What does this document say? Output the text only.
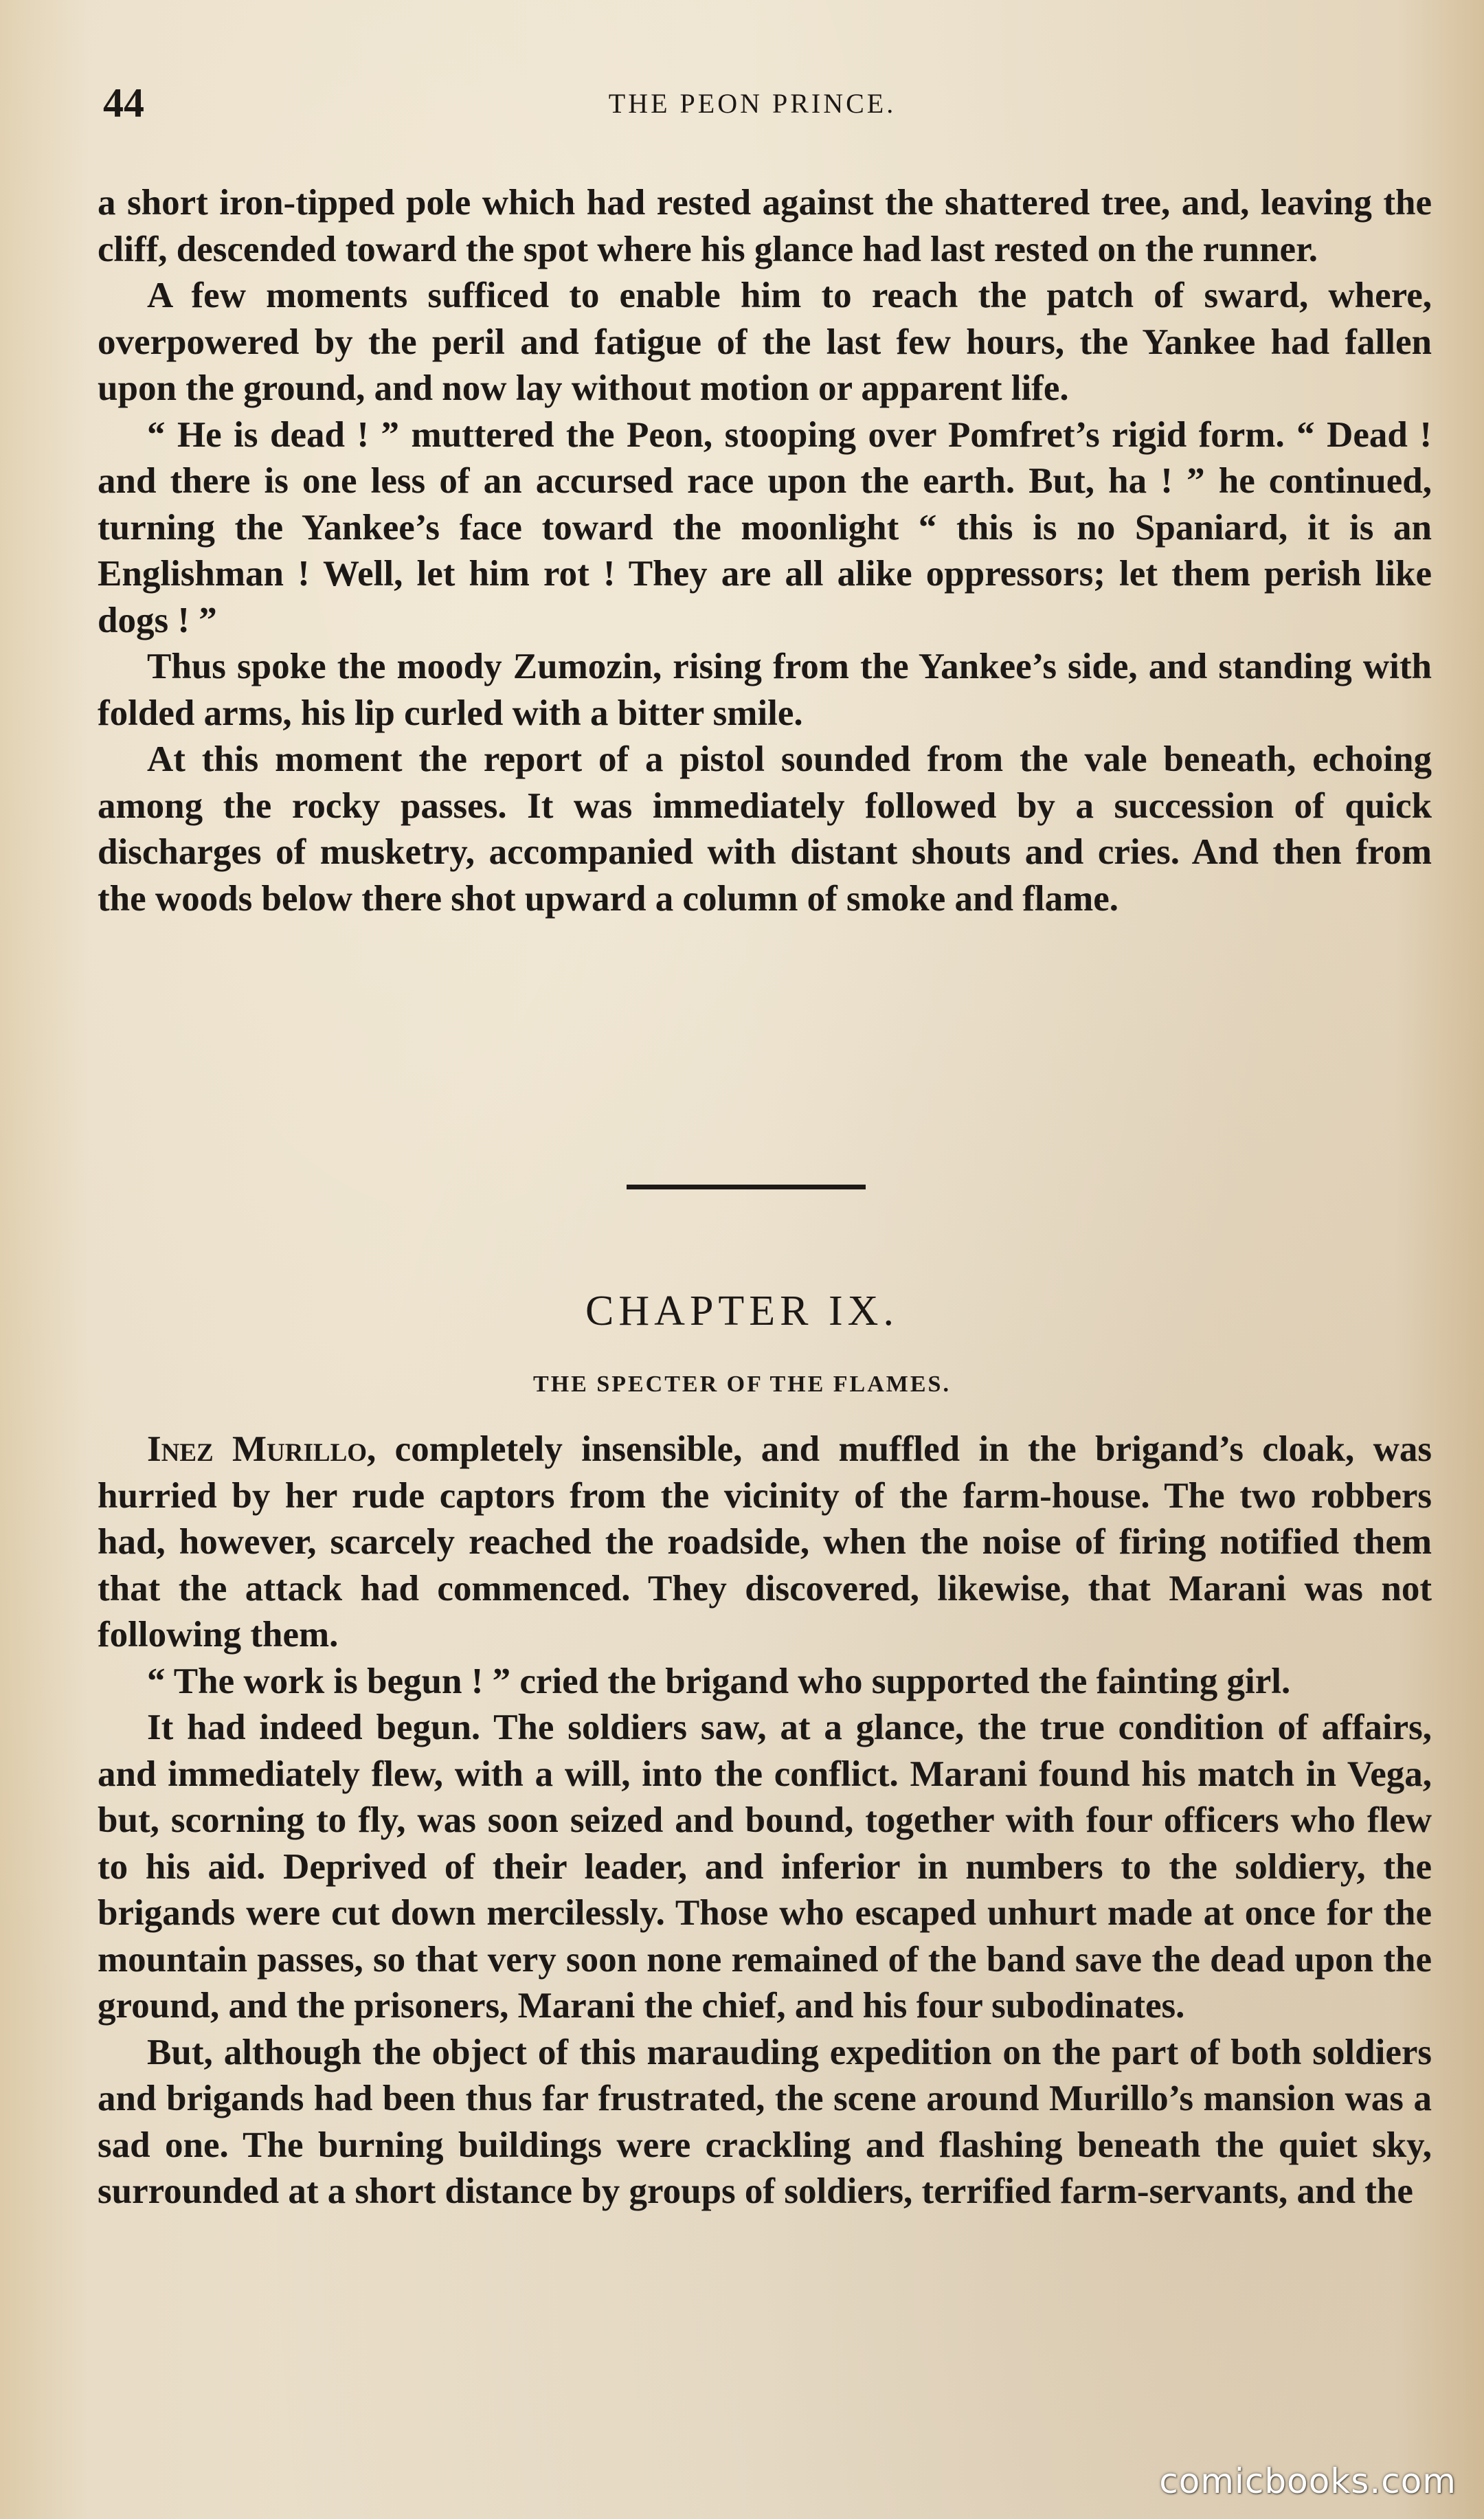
44	THE PEON PRINCE.

a short iron-tipped pole which had rested against the shattered tree, and, leaving the cliff, descended toward the spot where his glance had last rested on the runner.

A few moments sufficed to enable him to reach the patch of sward, where, overpowered by the peril and fatigue of the last few hours, the Yankee had fallen upon the ground, and now lay without motion or apparent life.

“ He is dead ! ” muttered the Peon, stooping over Pomfret’s rigid form. “ Dead ! and there is one less of an accursed race upon the earth. But, ha ! ” he continued, turning the Yankee’s face toward the moonlight “ this is no Spaniard, it is an Englishman ! Well, let him rot ! They are all alike oppressors; let them perish like dogs ! ”

Thus spoke the moody Zumozin, rising from the Yankee’s side, and standing with folded arms, his lip curled with a bitter smile.

At this moment the report of a pistol sounded from the vale beneath, echoing among the rocky passes. It was immediately followed by a succession of quick discharges of musketry, accompanied with distant shouts and cries. And then from the woods below there shot upward a column of smoke and flame.

CHAPTER IX.
THE SPECTER OF THE FLAMES.

Inez Murillo, completely insensible, and muffled in the brigand’s cloak, was hurried by her rude captors from the vicinity of the farm-house. The two robbers had, however, scarcely reached the roadside, when the noise of firing notified them that the attack had commenced. They discovered, likewise, that Marani was not following them.

“ The work is begun ! ” cried the brigand who supported the fainting girl.

It had indeed begun. The soldiers saw, at a glance, the true condition of affairs, and immediately flew, with a will, into the conflict. Marani found his match in Vega, but, scorning to fly, was soon seized and bound, together with four officers who flew to his aid. Deprived of their leader, and inferior in numbers to the soldiery, the brigands were cut down mercilessly. Those who escaped unhurt made at once for the mountain passes, so that very soon none remained of the band save the dead upon the ground, and the prisoners, Marani the chief, and his four subodinates.

But, although the object of this marauding expedition on the part of both soldiers and brigands had been thus far frustrated, the scene around Murillo’s mansion was a sad one. The burning buildings were crackling and flashing beneath the quiet sky, surrounded at a short distance by groups of soldiers, terrified farm-servants, and the

comicbooks.com
